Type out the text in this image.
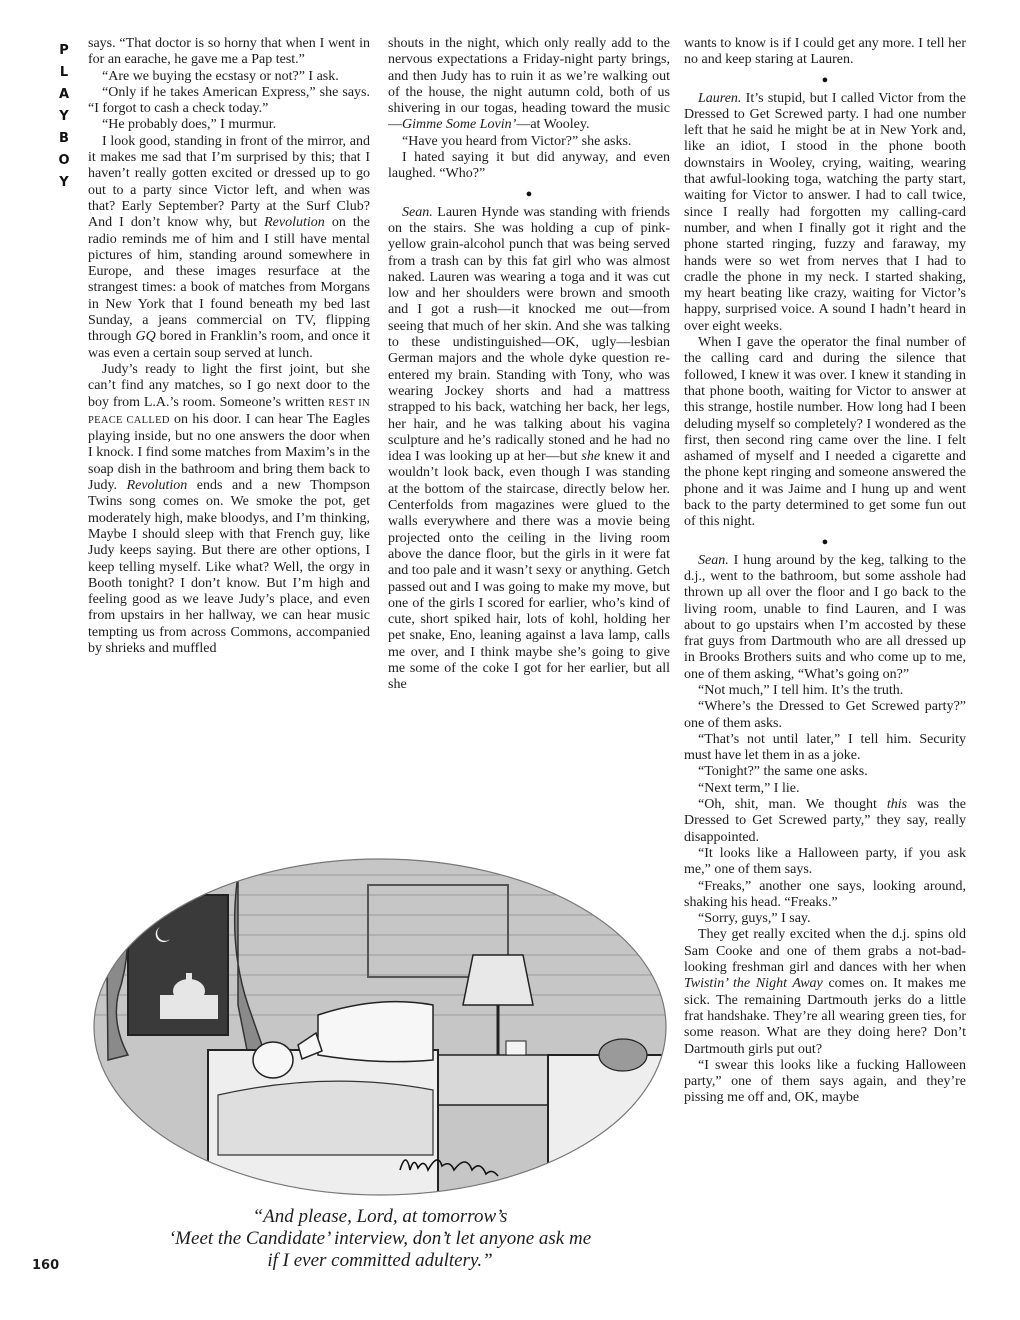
P
L
A
Y
B
O
Y

says. “That doctor is so horny that when I went in for an earache, he gave me a Pap test.”

“Are we buying the ecstasy or not?” I ask.

“Only if he takes American Express,” she says. “I forgot to cash a check today.”

“He probably does,” I murmur.

I look good, standing in front of the mirror, and it makes me sad that I’m surprised by this; that I haven’t really gotten excited or dressed up to go out to a party since Victor left, and when was that? Early September? Party at the Surf Club? And I don’t know why, but Revolution on the radio reminds me of him and I still have mental pictures of him, standing around somewhere in Europe, and these images resurface at the strangest times: a book of matches from Morgans in New York that I found beneath my bed last Sunday, a jeans commercial on TV, flipping through GQ bored in Franklin’s room, and once it was even a certain soup served at lunch.

Judy’s ready to light the first joint, but she can’t find any matches, so I go next door to the boy from L.A.’s room. Someone’s written REST IN PEACE CALLED on his door. I can hear The Eagles playing inside, but no one answers the door when I knock. I find some matches from Maxim’s in the soap dish in the bathroom and bring them back to Judy. Revolution ends and a new Thompson Twins song comes on. We smoke the pot, get moderately high, make bloodys, and I’m thinking, Maybe I should sleep with that French guy, like Judy keeps saying. But there are other options, I keep telling myself. Like what? Well, the orgy in Booth tonight? I don’t know. But I’m high and feeling good as we leave Judy’s place, and even from upstairs in her hallway, we can hear music tempting us from across Commons, accompanied by shrieks and muffled

shouts in the night, which only really add to the nervous expectations a Friday-night party brings, and then Judy has to ruin it as we’re walking out of the house, the night autumn cold, both of us shivering in our togas, heading toward the music—Gimme Some Lovin’—at Wooley.

“Have you heard from Victor?” she asks.

I hated saying it but did anyway, and even laughed. “Who?”

●

Sean. Lauren Hynde was standing with friends on the stairs. She was holding a cup of pink-yellow grain-alcohol punch that was being served from a trash can by this fat girl who was almost naked. Lauren was wearing a toga and it was cut low and her shoulders were brown and smooth and I got a rush—it knocked me out—from seeing that much of her skin. And she was talking to these undistinguished—OK, ugly—lesbian German majors and the whole dyke question re-entered my brain. Standing with Tony, who was wearing Jockey shorts and had a mattress strapped to his back, watching her back, her legs, her hair, and he was talking about his vagina sculpture and he’s radically stoned and he had no idea I was looking up at her—but she knew it and wouldn’t look back, even though I was standing at the bottom of the staircase, directly below her. Centerfolds from magazines were glued to the walls everywhere and there was a movie being projected onto the ceiling in the living room above the dance floor, but the girls in it were fat and too pale and it wasn’t sexy or anything. Getch passed out and I was going to make my move, but one of the girls I scored for earlier, who’s kind of cute, short spiked hair, lots of kohl, holding her pet snake, Eno, leaning against a lava lamp, calls me over, and I think maybe she’s going to give me some of the coke I got for her earlier, but all she

wants to know is if I could get any more. I tell her no and keep staring at Lauren.

●

Lauren. It’s stupid, but I called Victor from the Dressed to Get Screwed party. I had one number left that he said he might be at in New York and, like an idiot, I stood in the phone booth downstairs in Wooley, crying, waiting, wearing that awful-looking toga, watching the party start, waiting for Victor to answer. I had to call twice, since I really had forgotten my calling-card number, and when I finally got it right and the phone started ringing, fuzzy and faraway, my hands were so wet from nerves that I had to cradle the phone in my neck. I started shaking, my heart beating like crazy, waiting for Victor’s happy, surprised voice. A sound I hadn’t heard in over eight weeks.

When I gave the operator the final number of the calling card and during the silence that followed, I knew it was over. I knew it standing in that phone booth, waiting for Victor to answer at this strange, hostile number. How long had I been deluding myself so completely? I wondered as the first, then second ring came over the line. I felt ashamed of myself and I needed a cigarette and the phone kept ringing and someone answered the phone and it was Jaime and I hung up and went back to the party determined to get some fun out of this night.

●

Sean. I hung around by the keg, talking to the d.j., went to the bathroom, but some asshole had thrown up all over the floor and I go back to the living room, unable to find Lauren, and I was about to go upstairs when I’m accosted by these frat guys from Dartmouth who are all dressed up in Brooks Brothers suits and who come up to me, one of them asking, “What’s going on?”

“Not much,” I tell him. It’s the truth.

“Where’s the Dressed to Get Screwed party?” one of them asks.

“That’s not until later,” I tell him. Security must have let them in as a joke.

“Tonight?” the same one asks.

“Next term,” I lie.

“Oh, shit, man. We thought this was the Dressed to Get Screwed party,” they say, really disappointed.

“It looks like a Halloween party, if you ask me,” one of them says.

“Freaks,” another one says, looking around, shaking his head. “Freaks.”

“Sorry, guys,” I say.

They get really excited when the d.j. spins old Sam Cooke and one of them grabs a not-bad-looking freshman girl and dances with her when Twistin’ the Night Away comes on. It makes me sick. The remaining Dartmouth jerks do a little frat handshake. They’re all wearing green ties, for some reason. What are they doing here? Don’t Dartmouth girls put out?

“I swear this looks like a fucking Halloween party,” one of them says again, and they’re pissing me off and, OK, maybe

Mort Gerberg
“And please, Lord, at tomorrow’s
‘Meet the Candidate’ interview, don’t let anyone ask me
if I ever committed adultery.”
160
